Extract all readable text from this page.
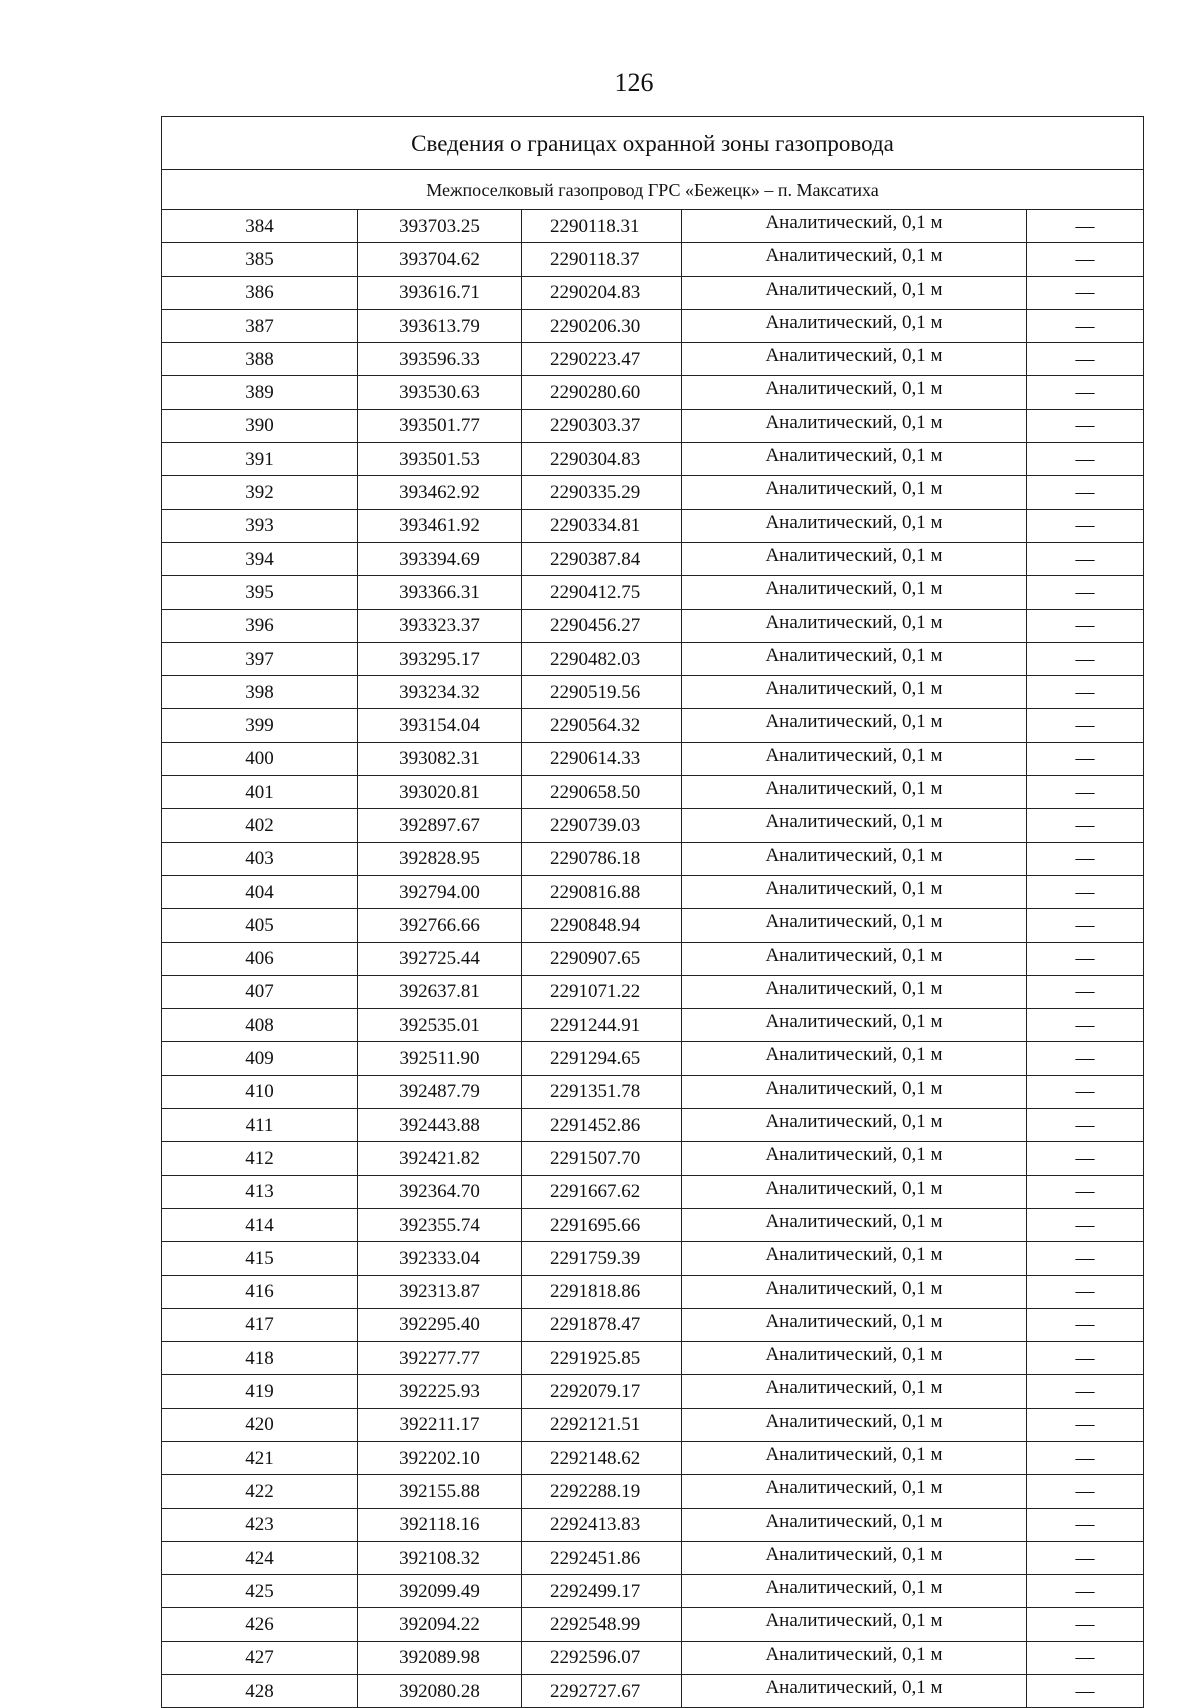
126
Сведения о границах охранной зоны газопровода				
Межпоселковый газопровод ГРС «Бежецк» – п. Максатиха				
384	393703.25	2290118.31	Аналитический, 0,1 м	—
385	393704.62	2290118.37	Аналитический, 0,1 м	—
386	393616.71	2290204.83	Аналитический, 0,1 м	—
387	393613.79	2290206.30	Аналитический, 0,1 м	—
388	393596.33	2290223.47	Аналитический, 0,1 м	—
389	393530.63	2290280.60	Аналитический, 0,1 м	—
390	393501.77	2290303.37	Аналитический, 0,1 м	—
391	393501.53	2290304.83	Аналитический, 0,1 м	—
392	393462.92	2290335.29	Аналитический, 0,1 м	—
393	393461.92	2290334.81	Аналитический, 0,1 м	—
394	393394.69	2290387.84	Аналитический, 0,1 м	—
395	393366.31	2290412.75	Аналитический, 0,1 м	—
396	393323.37	2290456.27	Аналитический, 0,1 м	—
397	393295.17	2290482.03	Аналитический, 0,1 м	—
398	393234.32	2290519.56	Аналитический, 0,1 м	—
399	393154.04	2290564.32	Аналитический, 0,1 м	—
400	393082.31	2290614.33	Аналитический, 0,1 м	—
401	393020.81	2290658.50	Аналитический, 0,1 м	—
402	392897.67	2290739.03	Аналитический, 0,1 м	—
403	392828.95	2290786.18	Аналитический, 0,1 м	—
404	392794.00	2290816.88	Аналитический, 0,1 м	—
405	392766.66	2290848.94	Аналитический, 0,1 м	—
406	392725.44	2290907.65	Аналитический, 0,1 м	—
407	392637.81	2291071.22	Аналитический, 0,1 м	—
408	392535.01	2291244.91	Аналитический, 0,1 м	—
409	392511.90	2291294.65	Аналитический, 0,1 м	—
410	392487.79	2291351.78	Аналитический, 0,1 м	—
411	392443.88	2291452.86	Аналитический, 0,1 м	—
412	392421.82	2291507.70	Аналитический, 0,1 м	—
413	392364.70	2291667.62	Аналитический, 0,1 м	—
414	392355.74	2291695.66	Аналитический, 0,1 м	—
415	392333.04	2291759.39	Аналитический, 0,1 м	—
416	392313.87	2291818.86	Аналитический, 0,1 м	—
417	392295.40	2291878.47	Аналитический, 0,1 м	—
418	392277.77	2291925.85	Аналитический, 0,1 м	—
419	392225.93	2292079.17	Аналитический, 0,1 м	—
420	392211.17	2292121.51	Аналитический, 0,1 м	—
421	392202.10	2292148.62	Аналитический, 0,1 м	—
422	392155.88	2292288.19	Аналитический, 0,1 м	—
423	392118.16	2292413.83	Аналитический, 0,1 м	—
424	392108.32	2292451.86	Аналитический, 0,1 м	—
425	392099.49	2292499.17	Аналитический, 0,1 м	—
426	392094.22	2292548.99	Аналитический, 0,1 м	—
427	392089.98	2292596.07	Аналитический, 0,1 м	—
428	392080.28	2292727.67	Аналитический, 0,1 м	—
